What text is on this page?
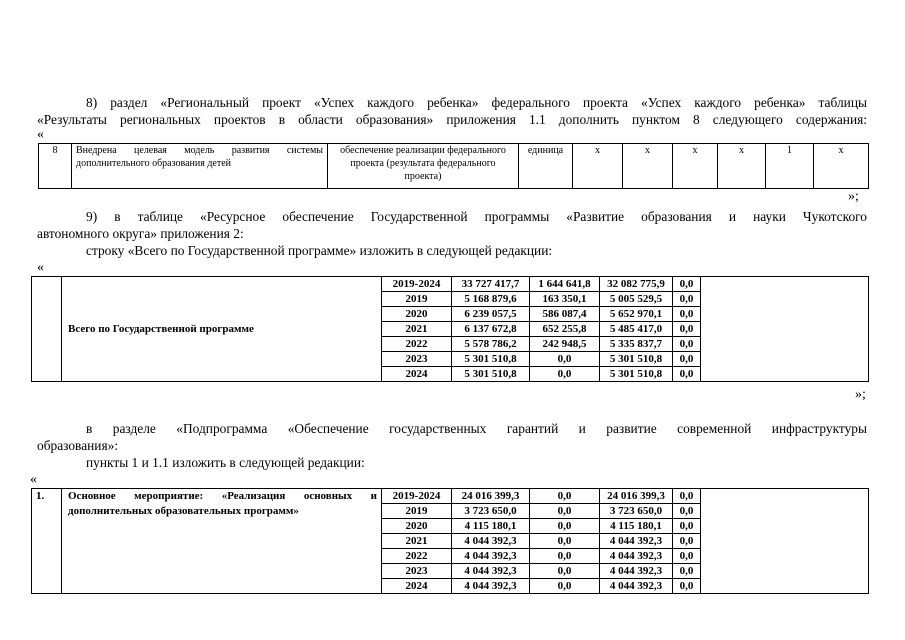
8) раздел «Региональный проект «Успех каждого ребенка» федерального проекта «Успех каждого ребенка» таблицы
«Результаты региональных проектов в области образования» приложения 1.1 дополнить пунктом 8 следующего содержания:
«
8	Внедрена целевая модель развития системы дополнительного образования детей	обеспечение реализации федерального проекта (результата федерального проекта)	единица	x	x	x	x	1	x
»;
9) в таблице «Ресурсное обеспечение Государственной программы «Развитие образования и науки Чукотского
автономного округа» приложения 2:
строку «Всего по Государственной программе» изложить в следующей редакции:
«
	Всего по Государственной программе	2019-2024	33 727 417,7	1 644 641,8	32 082 775,9	0,0	
		2019	5 168 879,6	163 350,1	5 005 529,5	0,0	
		2020	6 239 057,5	586 087,4	5 652 970,1	0,0	
		2021	6 137 672,8	652 255,8	5 485 417,0	0,0	
		2022	5 578 786,2	242 948,5	5 335 837,7	0,0	
		2023	5 301 510,8	0,0	5 301 510,8	0,0	
		2024	5 301 510,8	0,0	5 301 510,8	0,0	
»;
в разделе «Подпрограмма «Обеспечение государственных гарантий и развитие современной инфраструктуры
образования»:
пункты 1 и 1.1 изложить в следующей редакции:
«
1.	Основное мероприятие: «Реализация основных и дополнительных образовательных программ»	2019-2024	24 016 399,3	0,0	24 016 399,3	0,0	
		2019	3 723 650,0	0,0	3 723 650,0	0,0	
		2020	4 115 180,1	0,0	4 115 180,1	0,0	
		2021	4 044 392,3	0,0	4 044 392,3	0,0	
		2022	4 044 392,3	0,0	4 044 392,3	0,0	
		2023	4 044 392,3	0,0	4 044 392,3	0,0	
		2024	4 044 392,3	0,0	4 044 392,3	0,0	
